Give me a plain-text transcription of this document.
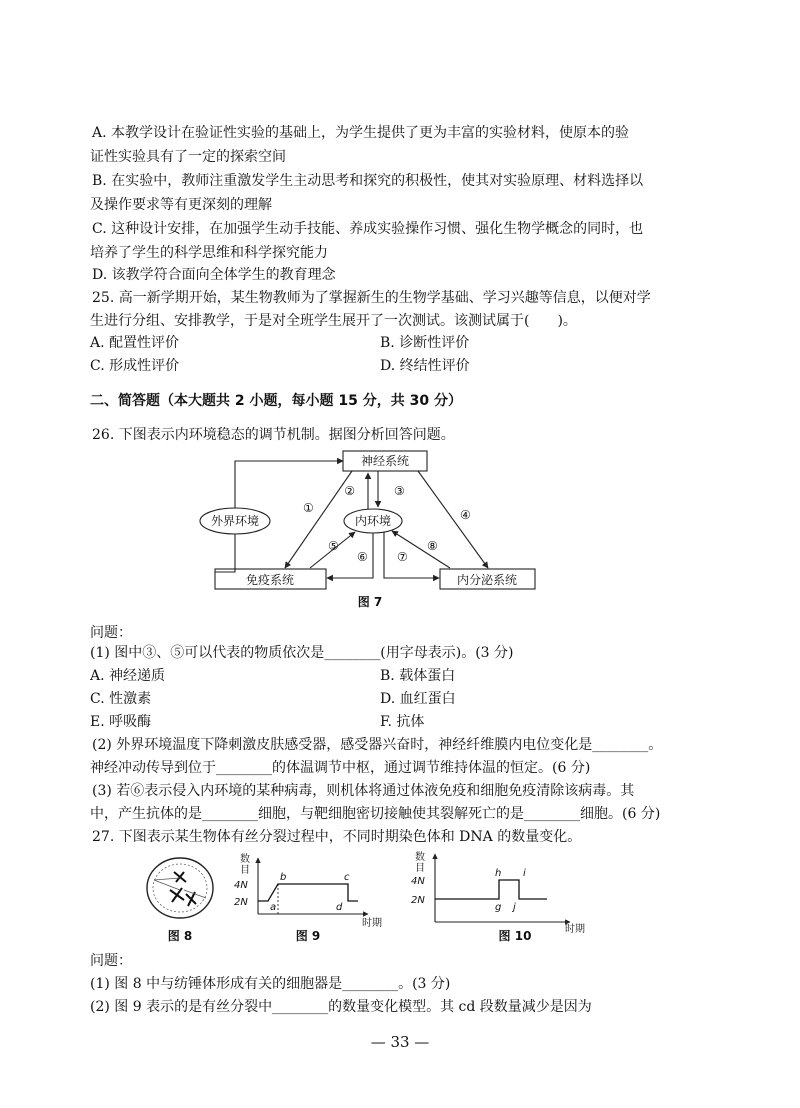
A. 本教学设计在验证性实验的基础上，为学生提供了更为丰富的实验材料，使原本的验
证性实验具有了一定的探索空间
B. 在实验中，教师注重激发学生主动思考和探究的积极性，使其对实验原理、材料选择以
及操作要求等有更深刻的理解
C. 这种设计安排，在加强学生动手技能、养成实验操作习惯、强化生物学概念的同时，也
培养了学生的科学思维和科学探究能力
D. 该教学符合面向全体学生的教育理念
25. 高一新学期开始，某生物教师为了掌握新生的生物学基础、学习兴趣等信息，以便对学
生进行分组、安排教学，于是对全班学生展开了一次测试。该测试属于(　　)。
A. 配置性评价	B. 诊断性评价
C. 形成性评价	D. 终结性评价
二、简答题（本大题共 2 小题，每小题 15 分，共 30 分）
26. 下图表示内环境稳态的调节机制。据图分析回答问题。
神经系统
内环境
外界环境
免疫系统	内分泌系统
①
②	③
④
⑤
⑥ ⑦
⑧
图 7
问题：
(1) 图中③、⑤可以代表的物质依次是________(用字母表示)。(3 分)
A. 神经递质	B. 载体蛋白
C. 性激素	D. 血红蛋白
E. 呼吸酶	F. 抗体
(2) 外界环境温度下降刺激皮肤感受器，感受器兴奋时，神经纤维膜内电位变化是________。
神经冲动传导到位于________的体温调节中枢，通过调节维持体温的恒定。(6 分)
(3) 若⑥表示侵入内环境的某种病毒，则机体将通过体液免疫和细胞免疫清除该病毒。其
中，产生抗体的是________细胞，与靶细胞密切接触使其裂解死亡的是________细胞。(6 分)
27. 下图表示某生物体有丝分裂过程中，不同时期染色体和 DNA 的数量变化。
图 8
数
目
4N
2N a
b	c
d
时期
图 9
数
目
4N
2N
g
h i
j
时期
图 10
问题：
(1) 图 8 中与纺锤体形成有关的细胞器是________。(3 分)
(2) 图 9 表示的是有丝分裂中________的数量变化模型。其 cd 段数量减少是因为
— 33 —
